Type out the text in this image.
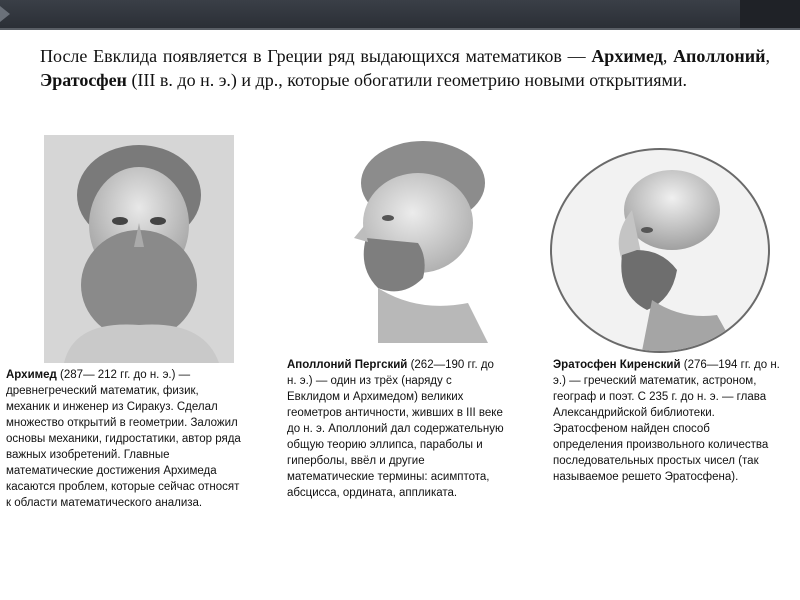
После Евклида появляется в Греции ряд выдающихся математиков — Архимед, Аполлоний, Эратосфен (III в. до н. э.) и др., которые обогатили геометрию новыми открытиями.
Архимед (287— 212 гг. до н. э.) — древнегреческий математик, физик, механик и инженер из Сиракуз. Сделал множество открытий в геометрии. Заложил основы механики, гидростатики, автор ряда важных изобретений. Главные математические достижения Архимеда касаются проблем, которые сейчас относят к области математического анализа.
Аполлоний Пергский (262—190 гг. до н. э.) — один из трёх (наряду с Евклидом и Архимедом) великих геометров античности, живших в III веке до н. э. Аполлоний дал содержательную общую теорию эллипса, параболы и гиперболы, ввёл и другие математические термины: асимптота, абсцисса, ордината, аппликата.
Эратосфен Киренский (276—194 гг. до н. э.) — греческий математик, астроном, географ и поэт. С 235 г. до н. э. — глава Александрийской библиотеки. Эратосфеном найден способ определения произвольного количества последовательных простых чисел (так называемое решето Эратосфена).
